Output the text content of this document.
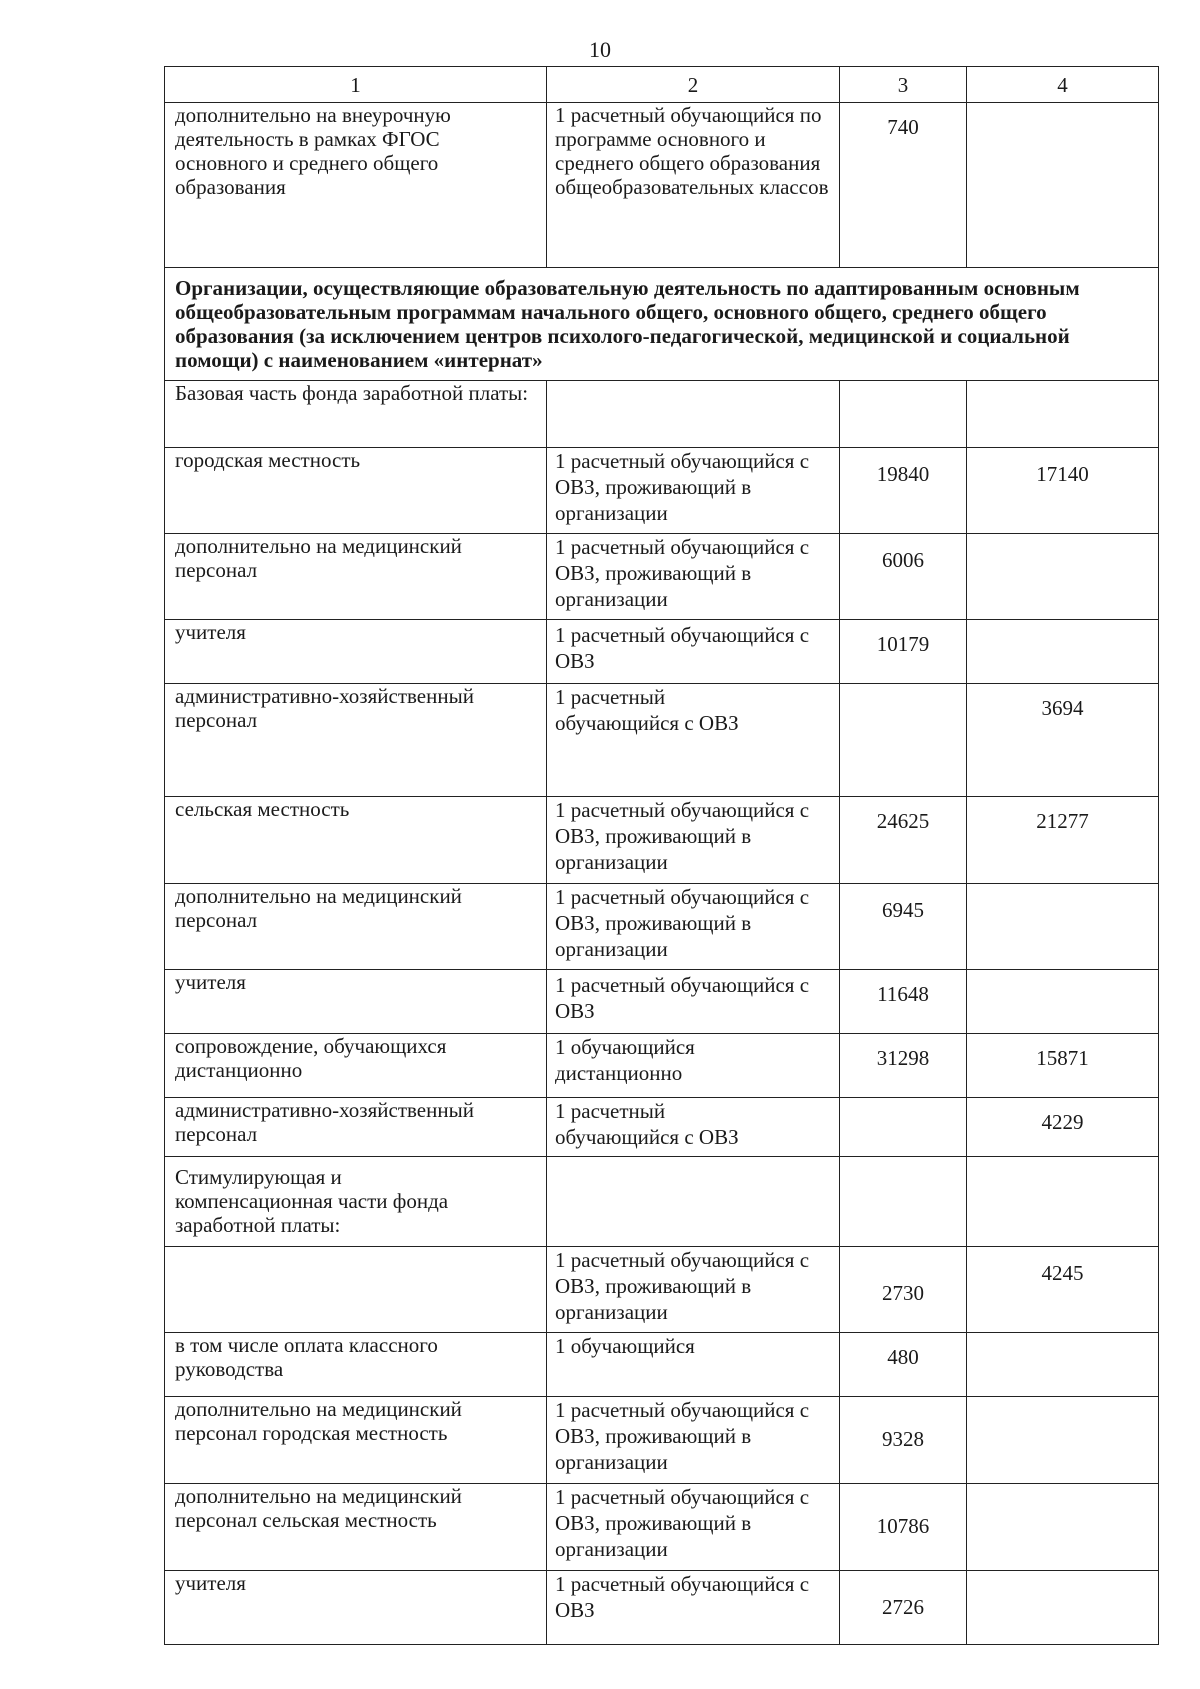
10
1	2	3	4
дополнительно на внеурочную деятельность в рамках ФГОС основного и среднего общего образования	1 расчетный обучающийся по программе основного и среднего общего образования общеобразовательных классов	740	
Организации, осуществляющие образовательную деятельность по адаптированным основным общеобразовательным программам начального общего, основного общего, среднего общего образования (за исключением центров психолого-педагогической, медицинской и социальной помощи) с наименованием «интернат»			
Базовая часть фонда заработной платы:			
городская местность	1 расчетный обучающийся с ОВЗ, проживающий в организации	19840	17140
дополнительно на медицинский персонал	1 расчетный обучающийся с ОВЗ, проживающий в организации	6006	
учителя	1 расчетный обучающийся с ОВЗ	10179	
административно-хозяйственный персонал	1 расчетный обучающийся с ОВЗ		3694
сельская местность	1 расчетный обучающийся с ОВЗ, проживающий в организации	24625	21277
дополнительно на медицинский персонал	1 расчетный обучающийся с ОВЗ, проживающий в организации	6945	
учителя	1 расчетный обучающийся с ОВЗ	11648	
сопровождение, обучающихся дистанционно	1 обучающийся дистанционно	31298	15871
административно-хозяйственный персонал	1 расчетный обучающийся с ОВЗ		4229
Стимулирующая и компенсационная части фонда заработной платы:			
	1 расчетный обучающийся с ОВЗ, проживающий в организации	2730	4245
в том числе оплата классного руководства	1 обучающийся	480	
дополнительно на медицинский персонал городская местность	1 расчетный обучающийся с ОВЗ, проживающий в организации	9328	
дополнительно на медицинский персонал сельская местность	1 расчетный обучающийся с ОВЗ, проживающий в организации	10786	
учителя	1 расчетный обучающийся с ОВЗ	2726	
